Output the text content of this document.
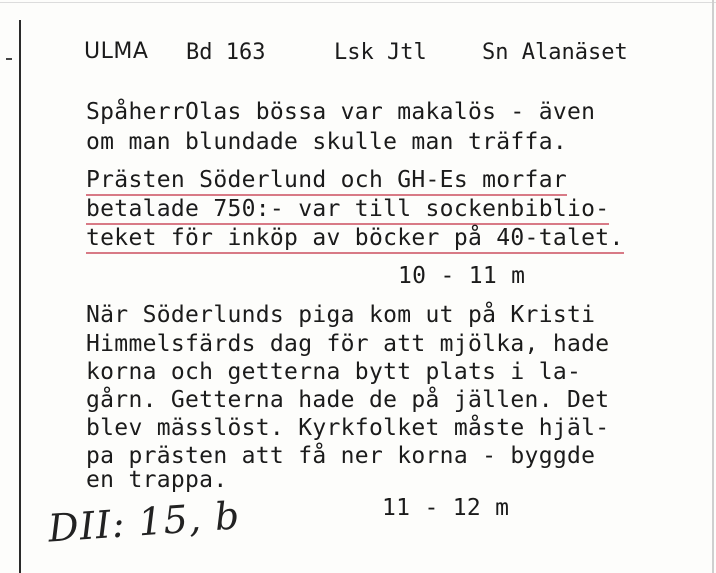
ULMA Bd 163	Lsk Jtl	Sn Alanäset
SpåherrOlas bössa var makalös - även
om man blundade skulle man träffa.
Prästen Söderlund och GH-Es morfar
betalade 750:- var till sockenbiblio-
teket för inköp av böcker på 40-talet.
10 - 11 m
När Söderlunds piga kom ut på Kristi
Himmelsfärds dag för att mjölka, hade
korna och getterna bytt plats i la-
gårn. Getterna hade de på jällen. Det
blev mässlöst. Kyrkfolket måste hjäl-
pa prästen att få ner korna - byggde
en trappa.
11 - 12 m
DII: 15, b
